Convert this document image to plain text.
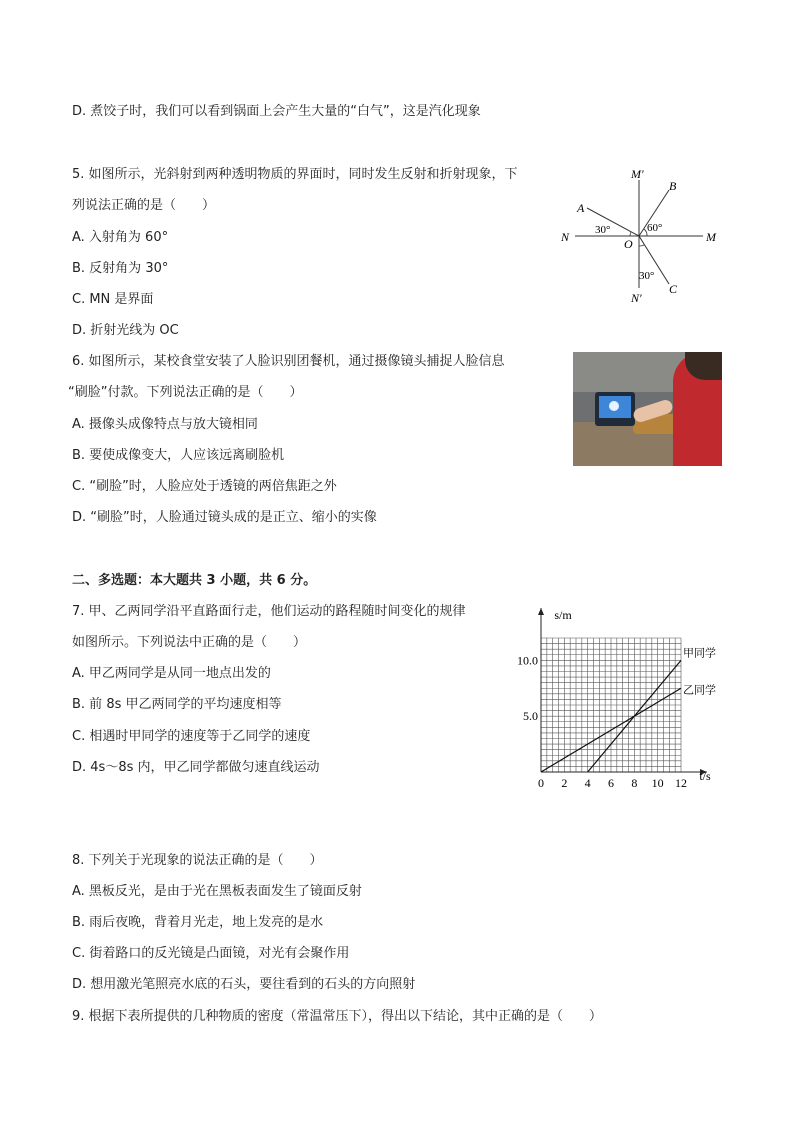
D. 煮饺子时，我们可以看到锅面上会产生大量的“白气”，这是汽化现象
5. 如图所示，光斜射到两种透明物质的界面时，同时发生反射和折射现象，下
列说法正确的是（　　）
A. 入射角为 60°
B. 反射角为 30°
C. MN 是界面
D. 折射光线为 OC
M′
B
A
N	O	M
N′
C
30°	60°
30°
6. 如图所示，某校食堂安装了人脸识别团餐机，通过摄像镜头捕捉人脸信息
“刷脸”付款。下列说法正确的是（　　）
A. 摄像头成像特点与放大镜相同
B. 要使成像变大，人应该远离刷脸机
C. “刷脸”时，人脸应处于透镜的两倍焦距之外
D. “刷脸”时，人脸通过镜头成的是正立、缩小的实像
二、多选题：本大题共 3 小题，共 6 分。
7. 甲、乙两同学沿平直路面行走，他们运动的路程随时间变化的规律
如图所示。下列说法中正确的是（　　）
A. 甲乙两同学是从同一地点出发的
B. 前 8s 甲乙两同学的平均速度相等
C. 相遇时甲同学的速度等于乙同学的速度
D. 4s～8s 内，甲乙同学都做匀速直线运动
s/m
t/s
0 2 4 6 8 10 12
5.0
10.0
甲同学
乙同学
8. 下列关于光现象的说法正确的是（　　）
A. 黑板反光，是由于光在黑板表面发生了镜面反射
B. 雨后夜晚，背着月光走，地上发亮的是水
C. 街着路口的反光镜是凸面镜，对光有会聚作用
D. 想用激光笔照亮水底的石头，要往看到的石头的方向照射
9. 根据下表所提供的几种物质的密度（常温常压下），得出以下结论，其中正确的是（　　）
